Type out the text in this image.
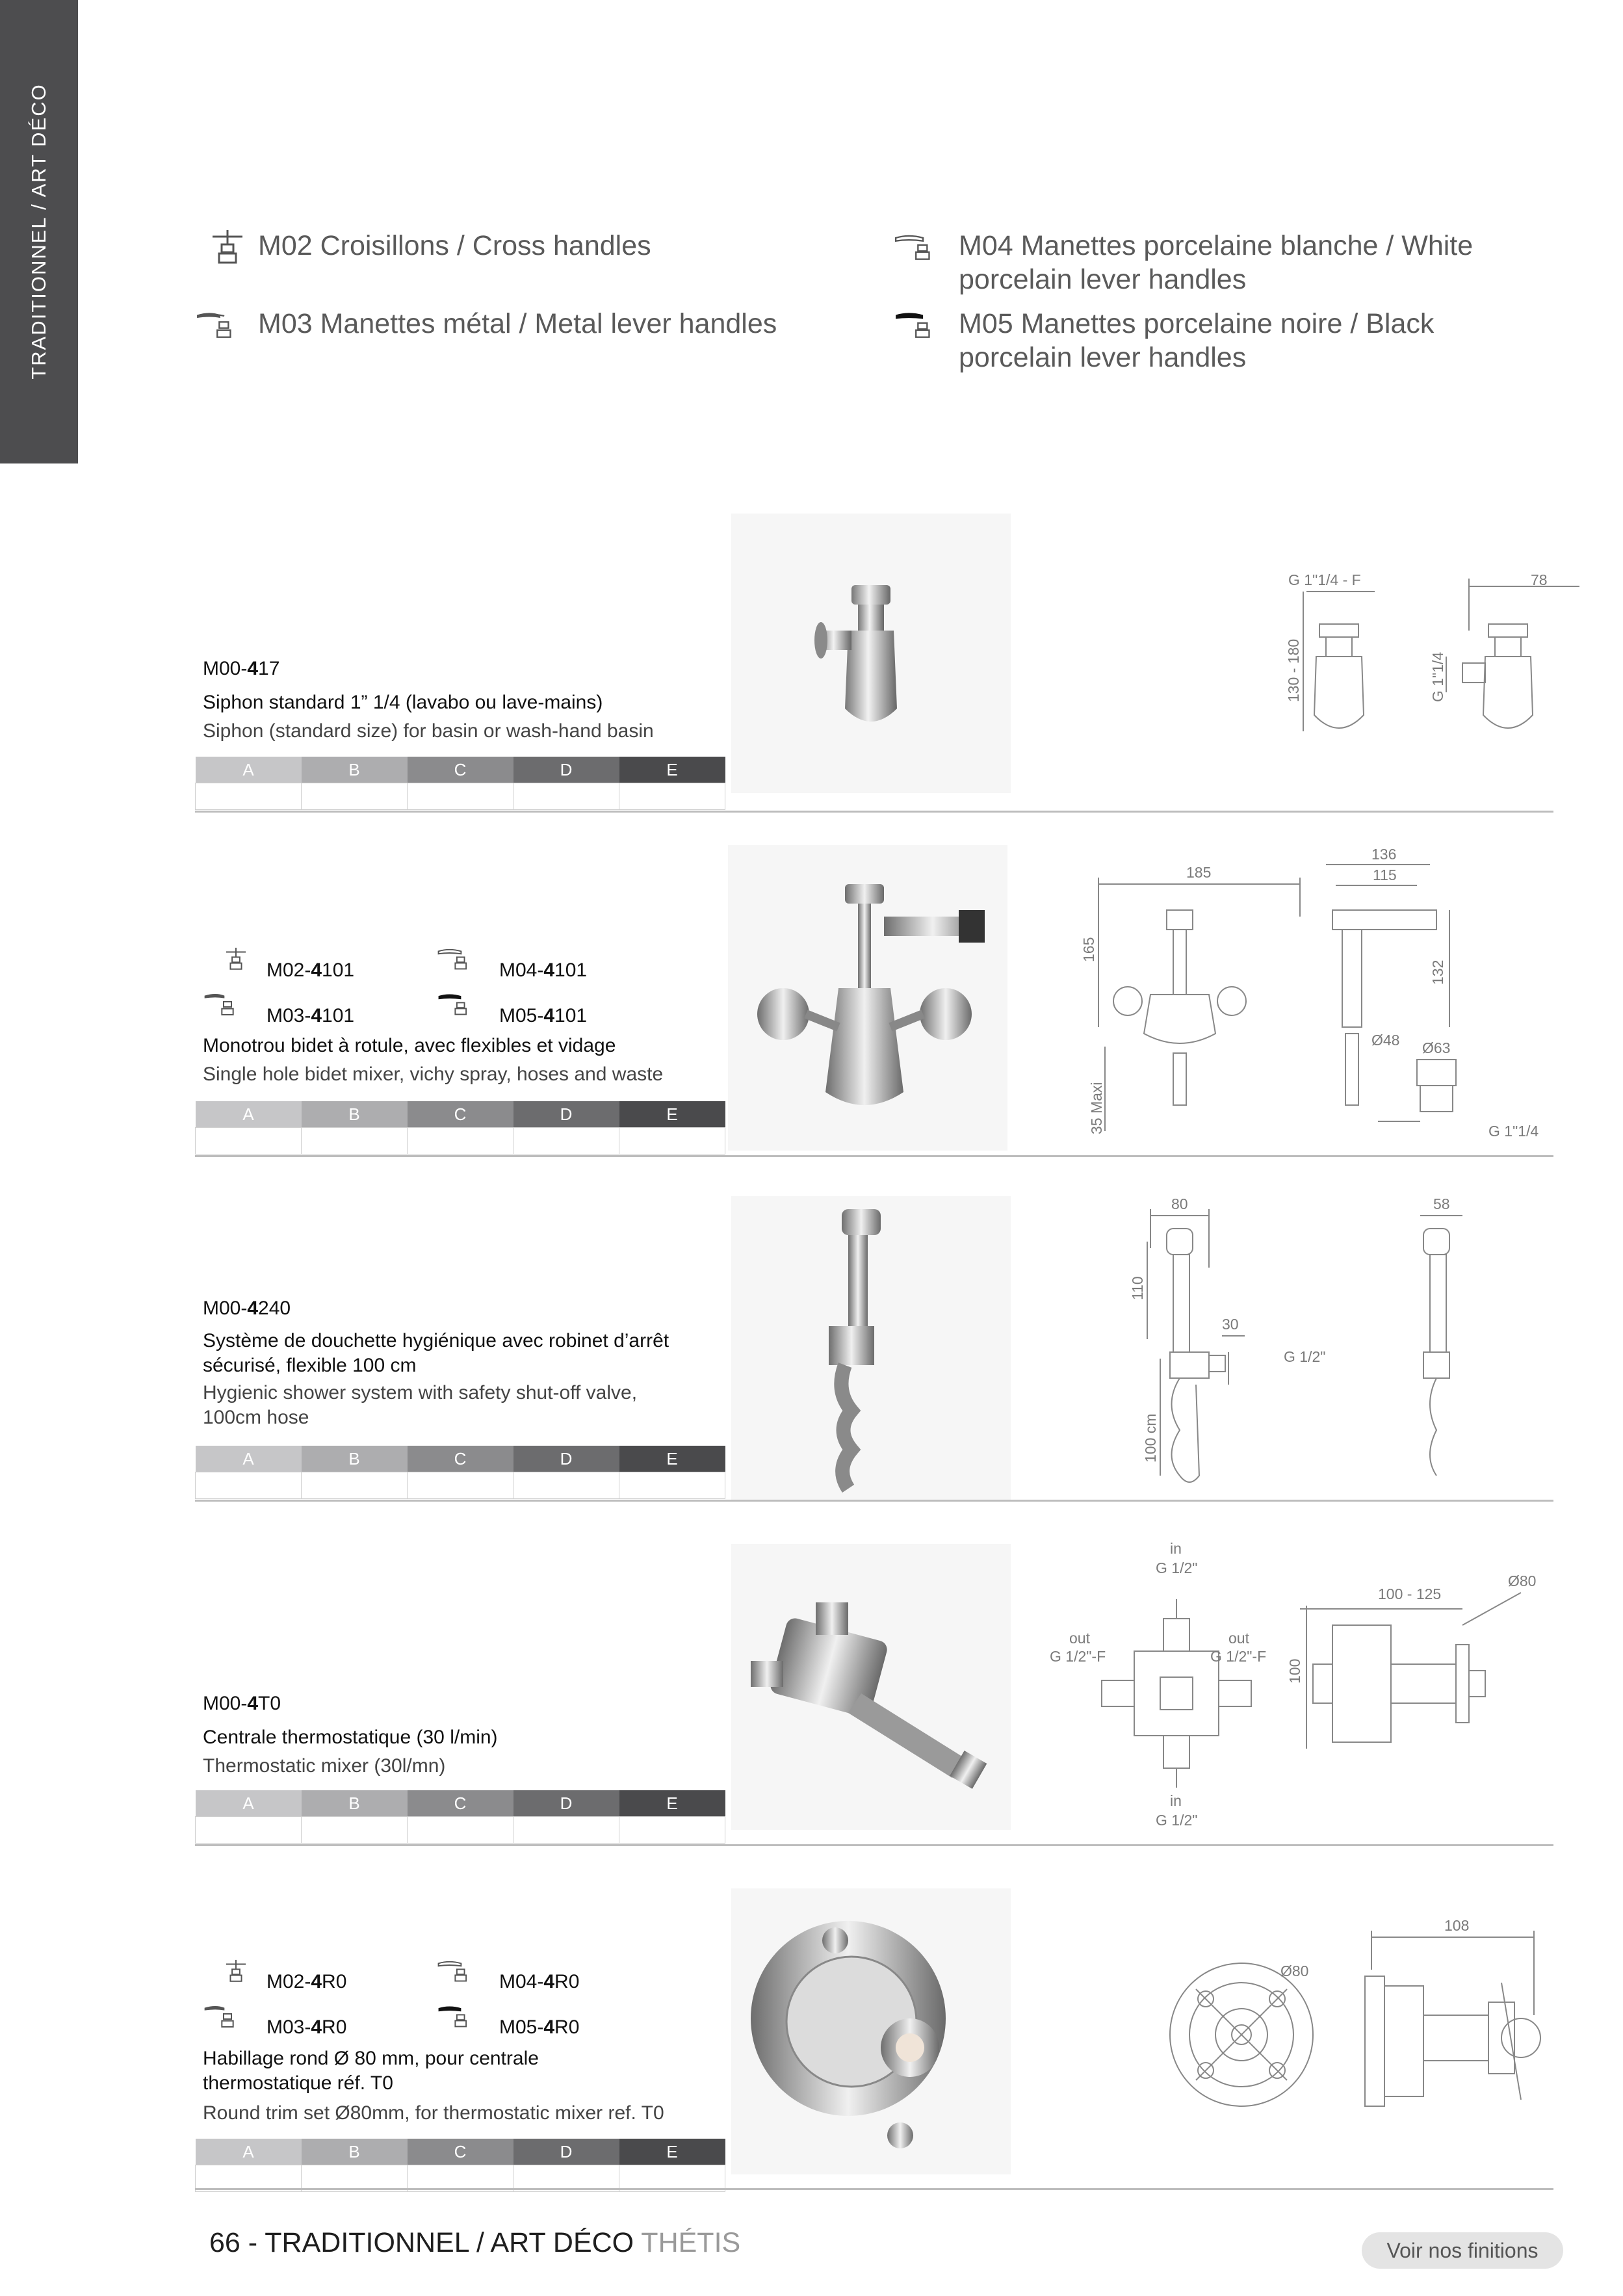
TRADITIONNEL / ART DÉCO	M02 Croisillons / Cross handles
M03 Manettes métal / Metal lever handles
M04 Manettes porcelaine blanche / White
porcelain lever handles
M05 Manettes porcelaine noire / Black
porcelain lever handles
M00-417
Siphon standard 1” 1/4 (lavabo ou lave-mains)
Siphon (standard size) for basin or wash-hand basin
A	B	C	D	E

G 1"1/4 - F	78
130 - 180	G 1"1/4
M02-4101	M04-4101
M03-4101	M05-4101
Monotrou bidet à rotule, avec flexibles et vidage
Single hole bidet mixer, vichy spray, hoses and waste
A	B	C	D	E

185
165
35 Maxi
136
115
132
Ø48 Ø63
G 1"1/4
M00-4240
Système de douchette hygiénique avec robinet d’arrêt
sécurisé, flexible 100 cm
Hygienic shower system with safety shut-off valve,
100cm hose
A	B	C	D	E

80
110
30
G 1/2"
100 cm
58
M00-4T0
Centrale thermostatique (30 l/min)
Thermostatic mixer (30l/mn)
A	B	C	D	E

in
G 1/2"
out
G 1/2"-F
out
G 1/2"-F
in
G 1/2"
100 - 125
Ø80
100
M02-4R0	M04-4R0
M03-4R0	M05-4R0
Habillage rond Ø 80 mm, pour centrale
thermostatique réf. T0
Round trim set Ø80mm, for thermostatic mixer ref. T0
A	B	C	D	E

Ø80
108
66 - TRADITIONNEL / ART DÉCO THÉTIS	Voir nos finitions
